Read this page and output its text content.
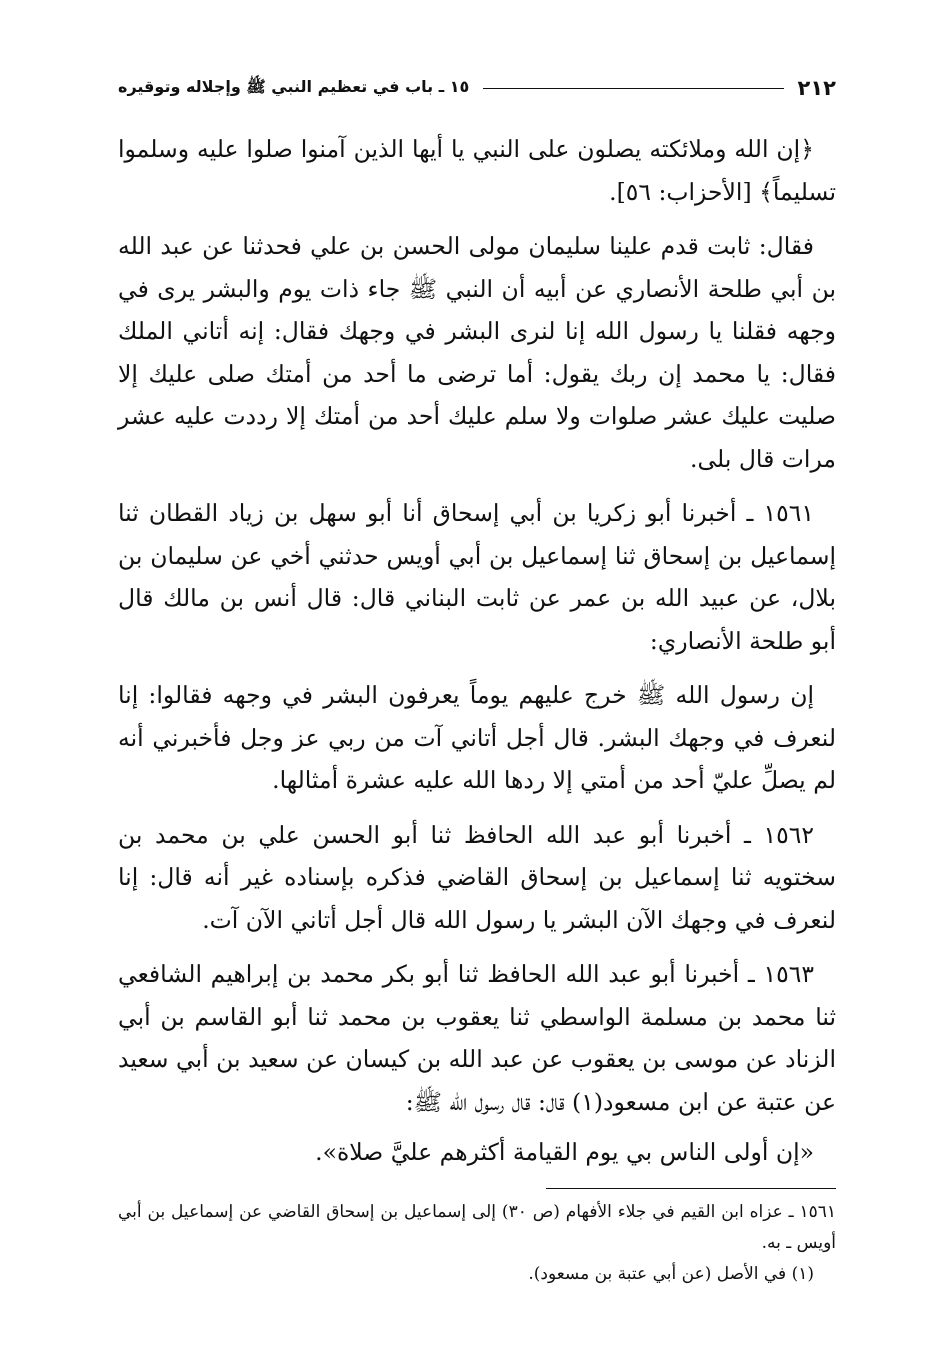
٢١٢
١٥ ـ باب في تعظيم النبي ﷺ وإجلاله وتوقيره

﴿إن الله وملائكته يصلون على النبي يا أيها الذين آمنوا صلوا عليه وسلموا تسليماً﴾ [الأحزاب: ٥٦].

فقال: ثابت قدم علينا سليمان مولى الحسن بن علي فحدثنا عن عبد الله بن أبي طلحة الأنصاري عن أبيه أن النبي ﷺ جاء ذات يوم والبشر يرى في وجهه فقلنا يا رسول الله إنا لنرى البشر في وجهك فقال: إنه أتاني الملك فقال: يا محمد إن ربك يقول: أما ترضى ما أحد من أمتك صلى عليك إلا صليت عليك عشر صلوات ولا سلم عليك أحد من أمتك إلا رددت عليه عشر مرات قال بلى.

١٥٦١ ـ أخبرنا أبو زكريا بن أبي إسحاق أنا أبو سهل بن زياد القطان ثنا إسماعيل بن إسحاق ثنا إسماعيل بن أبي أويس حدثني أخي عن سليمان بن بلال، عن عبيد الله بن عمر عن ثابت البناني قال: قال أنس بن مالك قال أبو طلحة الأنصاري:

إن رسول الله ﷺ خرج عليهم يوماً يعرفون البشر في وجهه فقالوا: إنا لنعرف في وجهك البشر. قال أجل أتاني آت من ربي عز وجل فأخبرني أنه لم يصلِّ عليّ أحد من أمتي إلا ردها الله عليه عشرة أمثالها.

١٥٦٢ ـ أخبرنا أبو عبد الله الحافظ ثنا أبو الحسن علي بن محمد بن سختويه ثنا إسماعيل بن إسحاق القاضي فذكره بإسناده غير أنه قال: إنا لنعرف في وجهك الآن البشر يا رسول الله قال أجل أتاني الآن آت.

١٥٦٣ ـ أخبرنا أبو عبد الله الحافظ ثنا أبو بكر محمد بن إبراهيم الشافعي ثنا محمد بن مسلمة الواسطي ثنا يعقوب بن محمد ثنا أبو القاسم بن أبي الزناد عن موسى بن يعقوب عن عبد الله بن كيسان عن سعيد بن أبي سعيد عن عتبة عن ابن مسعود(١) قال: قال رسول الله ﷺ:

«إن أولى الناس بي يوم القيامة أكثرهم عليَّ صلاة».

١٥٦١ ـ عزاه ابن القيم في جلاء الأفهام (ص ٣٠) إلى إسماعيل بن إسحاق القاضي عن إسماعيل بن أبي أويس ـ به.

(١) في الأصل (عن أبي عتبة بن مسعود).
